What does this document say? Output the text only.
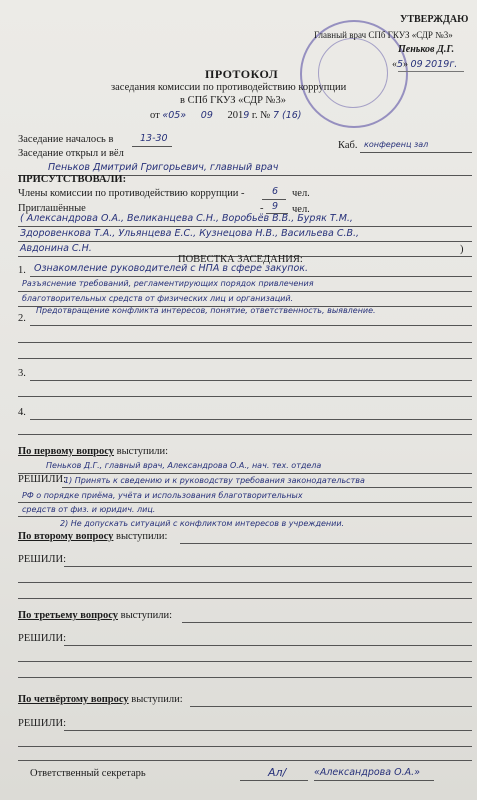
УТВЕРЖДАЮ
Главный врач СПб ГКУЗ «СДР №3»
Пеньков Д.Г.
«5» 09 2019г.
ПРОТОКОЛ
заседания комиссии по противодействию коррупции
в СПб ГКУЗ «СДР №3»
от «05» 09 2019 г. № 7 (16)
Заседание началось в	13-30
Каб. конференц зал
Заседание открыл и вёл
Пеньков Дмитрий Григорьевич, главный врач
ПРИСУТСТВОВАЛИ:
Члены комиссии по противодействию коррупции -	6 чел.
Приглашённые	- 9 чел.
( Александрова О.А., Великанцева С.Н., Воробьёв В.В., Буряк Т.М.,
Здоровенкова Т.А., Ульянцева Е.С., Кузнецова Н.В., Васильева С.В.,
Авдонина С.Н.	)
ПОВЕСТКА ЗАСЕДАНИЯ:
1. Ознакомление руководителей с НПА в сфере закупок.
Разъяснение требований, регламентирующих порядок привлечения
благотворительных средств от физических лиц и организаций.
Предотвращение конфликта интересов, понятие, ответственность, выявление.
2.
3.
4.
По первому вопросу выступили:
Пеньков Д.Г., главный врач, Александрова О.А., нач. тех. отдела
РЕШИЛИ:
1) Принять к сведению и к руководству требования законодательства
РФ о порядке приёма, учёта и использования благотворительных
средств от физ. и юридич. лиц.
2) Не допускать ситуаций с конфликтом интересов в учреждении.
По второму вопросу выступили:
РЕШИЛИ:
По третьему вопросу выступили:
РЕШИЛИ:
По четвёртому вопросу выступили:
РЕШИЛИ:
Ответственный секретарь	Ал/	«Александрова О.А.»
